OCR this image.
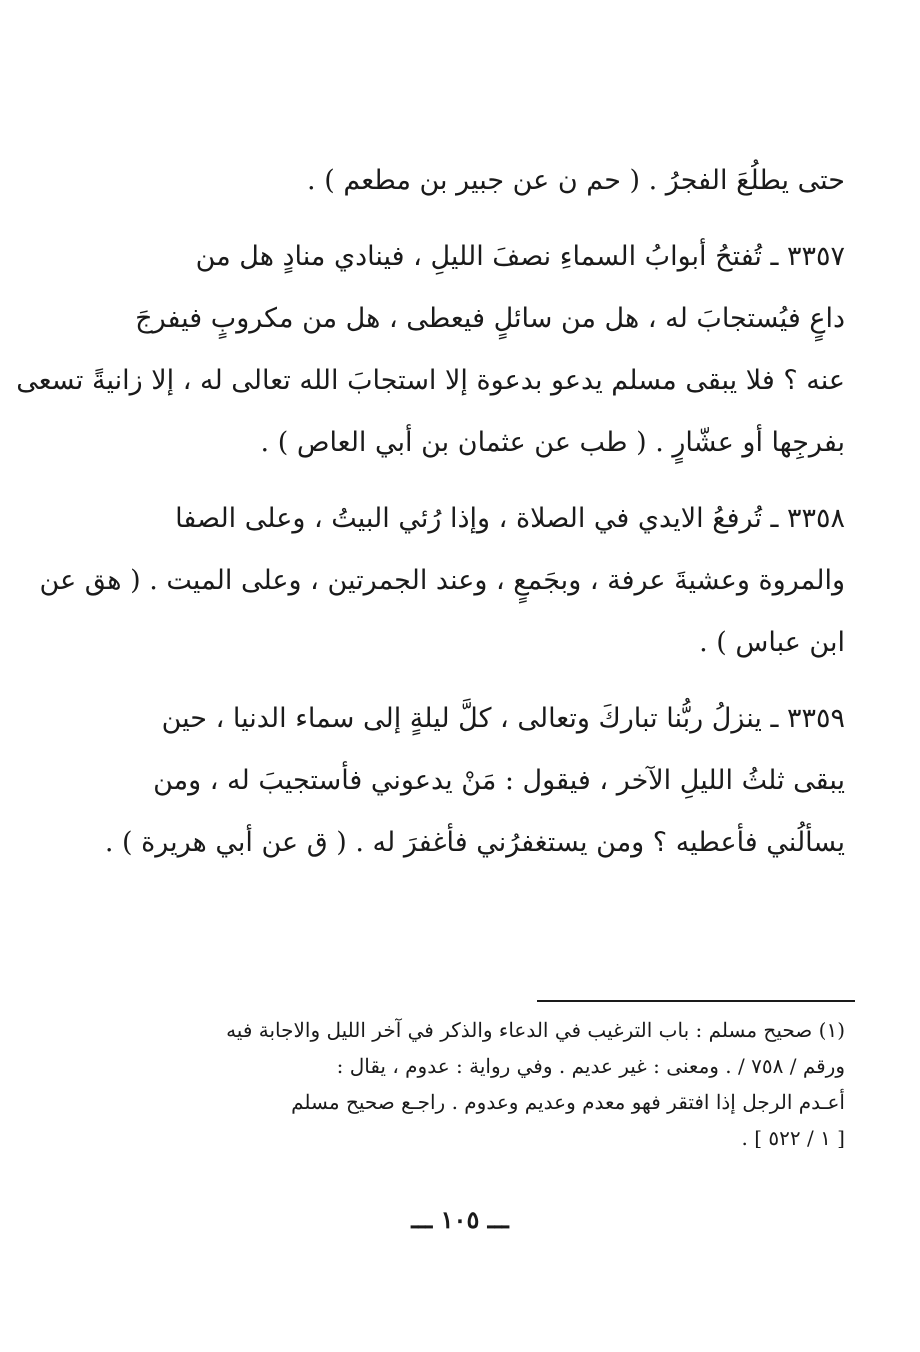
حتى يطلُعَ الفجرُ . ( حم ن عن جبير بن مطعم ) .
٣٣٥٧ ـ تُفتحُ أبوابُ السماءِ نصفَ الليلِ ، فينادي منادٍ هل من
داعٍ فيُستجابَ له ، هل من سائلٍ فيعطى ، هل من مكروبٍ فيفرجَ
عنه ؟ فلا يبقى مسلم يدعو بدعوة إلا استجابَ الله تعالى له ، إلا زانيةً تسعى
بفرجِها أو عشّارٍ . ( طب عن عثمان بن أبي العاص ) .
٣٣٥٨ ـ تُرفعُ الايدي في الصلاة ، وإذا رُئي البيتُ ، وعلى الصفا
والمروة وعشيةَ عرفة ، وبجَمعٍ ، وعند الجمرتين ، وعلى الميت . ( هق عن
ابن عباس ) .
٣٣٥٩ ـ ينزلُ ربُّنا تباركَ وتعالى ، كلَّ ليلةٍ إلى سماء الدنيا ، حين
يبقى ثلثُ الليلِ الآخر ، فيقول : مَنْ يدعوني فأستجيبَ له ، ومن
يسألُني فأعطيه ؟ ومن يستغفرُني فأغفرَ له . ( ق عن أبي هريرة ) .
(١) صحيح مسلم : باب الترغيب في الدعاء والذكر في آخر الليل والاجابة فيه
ورقم / ٧٥٨ / . ومعنى : غير عديم . وفي رواية : عدوم ، يقال :
أعـدم الرجل إذا افتقر فهو معدم وعديم وعدوم . راجـع صحيح مسلم
[ ١ / ٥٢٢ ] .
ـــ ١٠٥ ـــ
